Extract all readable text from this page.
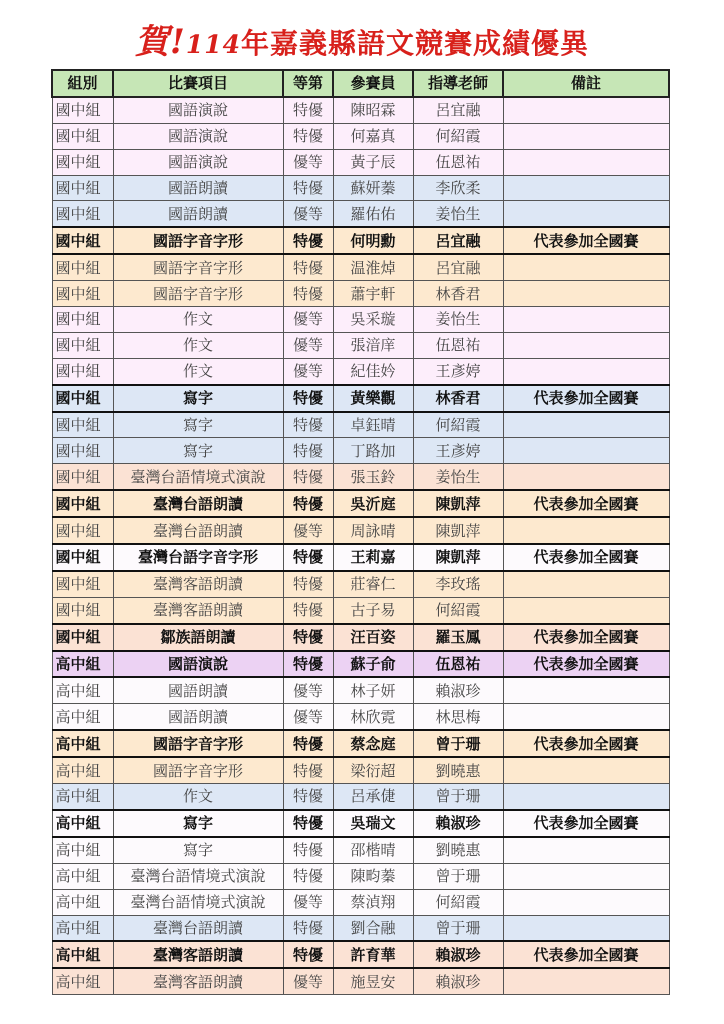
賀!114年嘉義縣語文競賽成績優異
組別	比賽項目	等第	參賽員	指導老師	備註
國中組	國語演說	特優	陳昭霖	呂宜融	
國中組	國語演說	特優	何嘉真	何紹霞	
國中組	國語演說	優等	黃子辰	伍恩祐	
國中組	國語朗讀	特優	蘇妍蓁	李欣柔	
國中組	國語朗讀	優等	羅佑佑	姜怡生	
國中組	國語字音字形	特優	何明勳	呂宜融	代表參加全國賽
國中組	國語字音字形	特優	温淮焯	呂宜融	
國中組	國語字音字形	特優	蕭宇軒	林香君	
國中組	作文	優等	吳采璇	姜怡生	
國中組	作文	優等	張湆庠	伍恩祐	
國中組	作文	優等	紀佳妗	王彥婷	
國中組	寫字	特優	黃樂觀	林香君	代表參加全國賽
國中組	寫字	特優	卓鈺晴	何紹霞	
國中組	寫字	特優	丁路加	王彥婷	
國中組	臺灣台語情境式演說	特優	張玉鈴	姜怡生	
國中組	臺灣台語朗讀	特優	吳沂庭	陳凱萍	代表參加全國賽
國中組	臺灣台語朗讀	優等	周詠晴	陳凱萍	
國中組	臺灣台語字音字形	特優	王莉嘉	陳凱萍	代表參加全國賽
國中組	臺灣客語朗讀	特優	莊睿仁	李玫瑤	
國中組	臺灣客語朗讀	特優	古子易	何紹霞	
國中組	鄒族語朗讀	特優	汪百姿	羅玉鳳	代表參加全國賽
高中組	國語演說	特優	蘇子俞	伍恩祐	代表參加全國賽
高中組	國語朗讀	優等	林子妍	賴淑珍	
高中組	國語朗讀	優等	林欣霓	林思梅	
高中組	國語字音字形	特優	蔡念庭	曾于珊	代表參加全國賽
高中組	國語字音字形	特優	梁衍超	劉曉惠	
高中組	作文	特優	呂承倢	曾于珊	
高中組	寫字	特優	吳瑞文	賴淑珍	代表參加全國賽
高中組	寫字	特優	邵楷晴	劉曉惠	
高中組	臺灣台語情境式演說	特優	陳畇蓁	曾于珊	
高中組	臺灣台語情境式演說	優等	蔡湞翔	何紹霞	
高中組	臺灣台語朗讀	特優	劉合融	曾于珊	
高中組	臺灣客語朗讀	特優	許育華	賴淑珍	代表參加全國賽
高中組	臺灣客語朗讀	優等	施昱安	賴淑珍	
